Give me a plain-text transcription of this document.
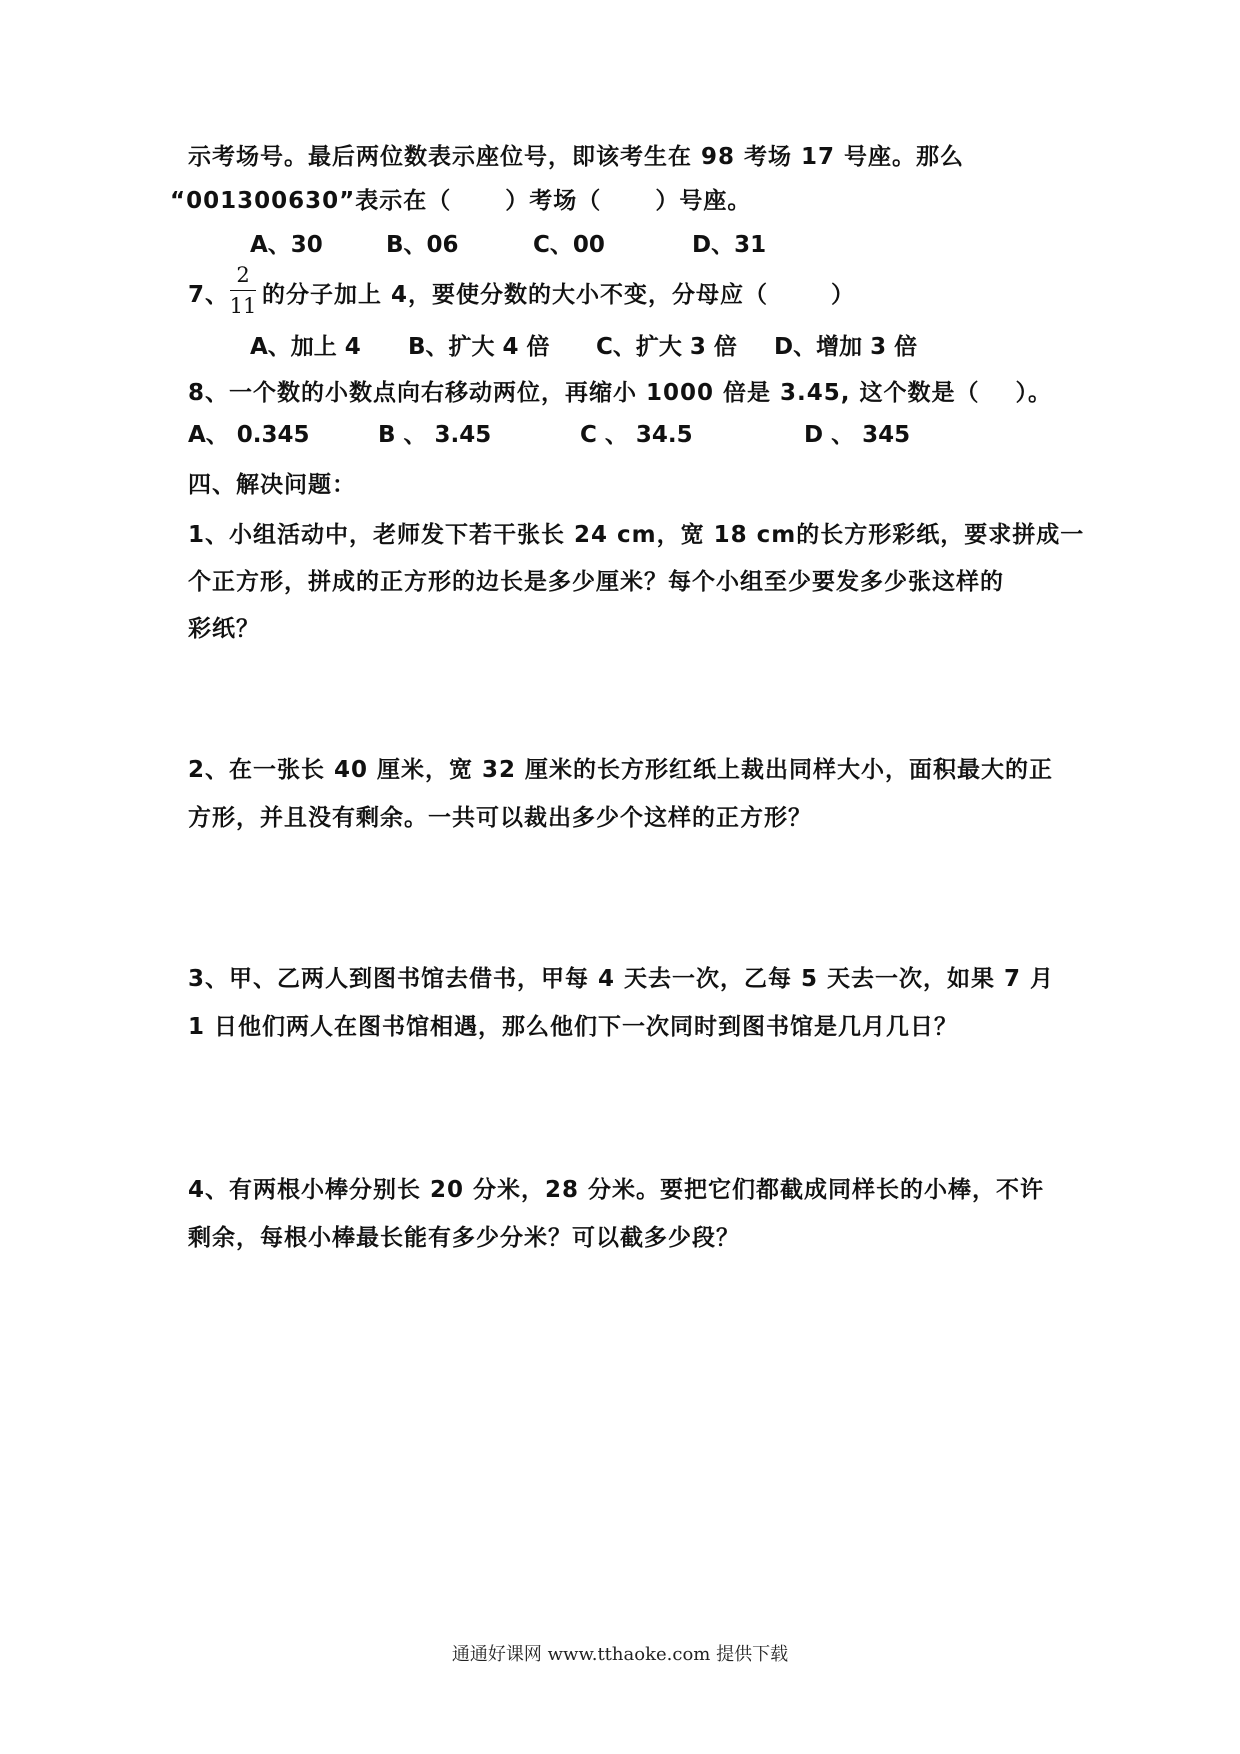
示考场号。最后两位数表示座位号，即该考生在 98 考场 17 号座。那么
“001300630”表示在（      ）考场（      ）号座。
A、30	B、06	C、00	D、31
7、
2
11 的分子加上 4，要使分数的大小不变，分母应（       ）
A、加上 4 B、扩大 4 倍 C、扩大 3 倍 D、增加 3 倍
8、一个数的小数点向右移动两位，再缩小 1000 倍是 3.45, 这个数是（    ）。
A、 0.345	B 、 3.45	C 、 34.5	D 、 345
四、解决问题：
1、小组活动中，老师发下若干张长 24 cm，宽 18 cm的长方形彩纸，要求拼成一
个正方形，拼成的正方形的边长是多少厘米？每个小组至少要发多少张这样的
彩纸？
2、在一张长 40 厘米，宽 32 厘米的长方形红纸上裁出同样大小，面积最大的正
方形，并且没有剩余。一共可以裁出多少个这样的正方形？
3、甲、乙两人到图书馆去借书，甲每 4 天去一次，乙每 5 天去一次，如果 7 月
1 日他们两人在图书馆相遇，那么他们下一次同时到图书馆是几月几日？
4、有两根小棒分别长 20 分米，28 分米。要把它们都截成同样长的小棒，不许
剩余，每根小棒最长能有多少分米？可以截多少段？
通通好课网 www.tthaoke.com 提供下载
